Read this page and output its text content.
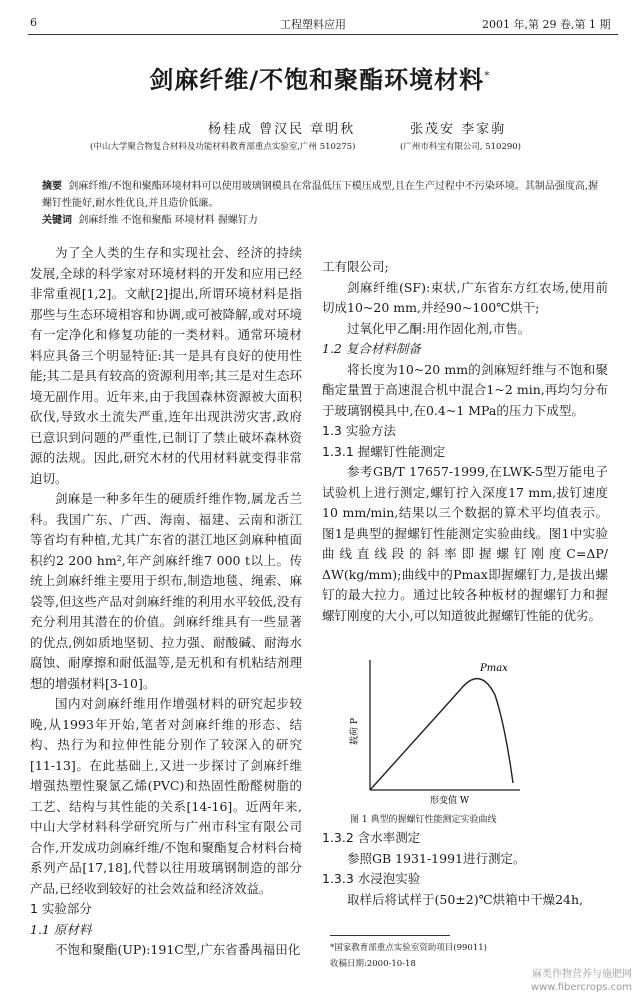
6	工程塑料应用	2001 年,第 29 卷,第 1 期
剑麻纤维/不饱和聚酯环境材料*
杨桂成 曾汉民 章明秋	张茂安 李家驹
(中山大学聚合物复合材料及功能材料教育部重点实验室,广州 510275)	(广州市科宝有限公司, 510290)
摘要 剑麻纤维/不饱和聚酯环境材料可以使用玻璃钢模具在常温低压下模压成型,且在生产过程中不污染环境。其制品强度高,握螺钉性能好,耐水性优良,并且造价低廉。
关键词 剑麻纤维 不饱和聚酯 环境材料 握螺钉力

为了全人类的生存和实现社会、经济的持续发展,全球的科学家对环境材料的开发和应用已经非常重视[1,2]。文献[2]提出,所谓环境材料是指那些与生态环境相容和协调,或可被降解,或对环境有一定净化和修复功能的一类材料。通常环境材料应具备三个明显特征:其一是具有良好的使用性能;其二是具有较高的资源利用率;其三是对生态环境无副作用。近年来,由于我国森林资源被大面积砍伐,导致水土流失严重,连年出现洪涝灾害,政府已意识到问题的严重性,已制订了禁止破坏森林资源的法规。因此,研究木材的代用材料就变得非常迫切。

剑麻是一种多年生的硬质纤维作物,属龙舌兰科。我国广东、广西、海南、福建、云南和浙江等省均有种植,尤其广东省的湛江地区剑麻种植面积约2 200 hm²,年产剑麻纤维7 000 t以上。传统上剑麻纤维主要用于织布,制造地毯、绳索、麻袋等,但这些产品对剑麻纤维的利用水平较低,没有充分利用其潜在的价值。剑麻纤维具有一些显著的优点,例如质地坚韧、拉力强、耐酸碱、耐海水腐蚀、耐摩擦和耐低温等,是无机和有机粘结剂理想的增强材料[3-10]。

国内对剑麻纤维用作增强材料的研究起步较晚,从1993年开始,笔者对剑麻纤维的形态、结构、热行为和拉伸性能分别作了较深入的研究[11-13]。在此基础上,又进一步探讨了剑麻纤维增强热塑性聚氯乙烯(PVC)和热固性酚醛树脂的工艺、结构与其性能的关系[14-16]。近两年来,中山大学材料科学研究所与广州市科宝有限公司合作,开发成功剑麻纤维/不饱和聚酯复合材料台椅系列产品[17,18],代替以往用玻璃钢制造的部分产品,已经收到较好的社会效益和经济效益。

1 实验部分

1.1 原材料

不饱和聚酯(UP):191C型,广东省番禺福田化

工有限公司;

剑麻纤维(SF):束状,广东省东方红农场,使用前切成10~20 mm,并经90~100℃烘干;

过氧化甲乙酮:用作固化剂,市售。

1.2 复合材料制备

将长度为10~20 mm的剑麻短纤维与不饱和聚酯定量置于高速混合机中混合1~2 min,再均匀分布于玻璃钢模具中,在0.4~1 MPa的压力下成型。

1.3 实验方法

1.3.1 握螺钉性能测定

参考GB/T 17657-1999,在LWK-5型万能电子试验机上进行测定,螺钉拧入深度17 mm,拔钉速度10 mm/min,结果以三个数据的算术平均值表示。图1是典型的握螺钉性能测定实验曲线。图1中实验曲线直线段的斜率即握螺钉刚度C=ΔP/ΔW(kg/mm);曲线中的Pmax即握螺钉力,是拔出螺钉的最大拉力。通过比较各种板材的握螺钉力和握螺钉刚度的大小,可以知道彼此握螺钉性能的优劣。

Pmax
载荷 P
形变值 W
图 1 典型的握螺钉性能测定实验曲线

1.3.2 含水率测定

参照GB 1931-1991进行测定。

1.3.3 水浸泡实验

取样后将试样于(50±2)℃烘箱中干燥24h,

*国家教育部重点实验室资助项目(99011)
收稿日期:2000-10-18
麻类作物营养与施肥网
www.fibercrops.com
